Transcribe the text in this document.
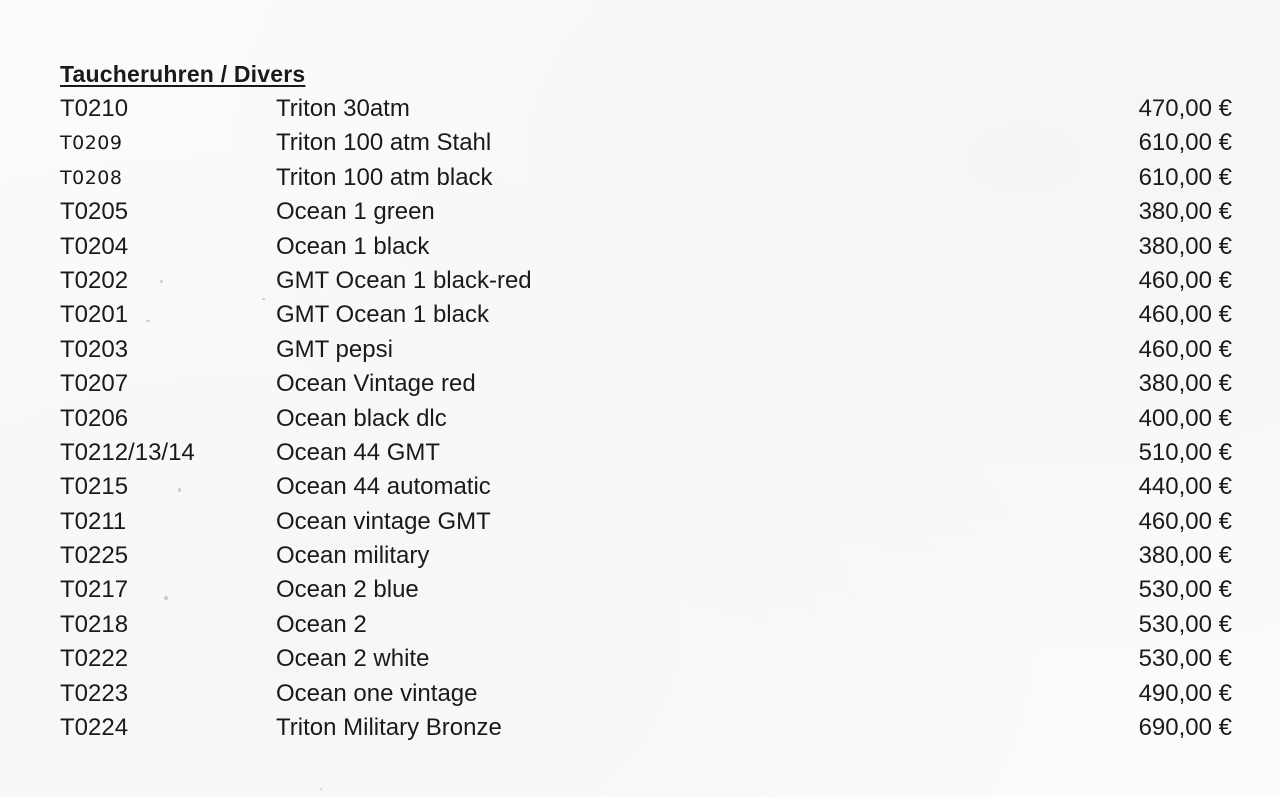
Taucheruhren / Divers
T0210	Triton 30atm	470,00 €
T0209	Triton 100 atm Stahl	610,00 €
T0208	Triton 100 atm black	610,00 €
T0205	Ocean 1 green	380,00 €
T0204	Ocean 1 black	380,00 €
T0202	GMT Ocean 1 black-red	460,00 €
T0201	GMT Ocean 1 black	460,00 €
T0203	GMT pepsi	460,00 €
T0207	Ocean Vintage red	380,00 €
T0206	Ocean black dlc	400,00 €
T0212/13/14	Ocean 44 GMT	510,00 €
T0215	Ocean 44 automatic	440,00 €
T0211	Ocean vintage GMT	460,00 €
T0225	Ocean military	380,00 €
T0217	Ocean 2 blue	530,00 €
T0218	Ocean 2	530,00 €
T0222	Ocean 2 white	530,00 €
T0223	Ocean one vintage	490,00 €
T0224	Triton Military Bronze	690,00 €
